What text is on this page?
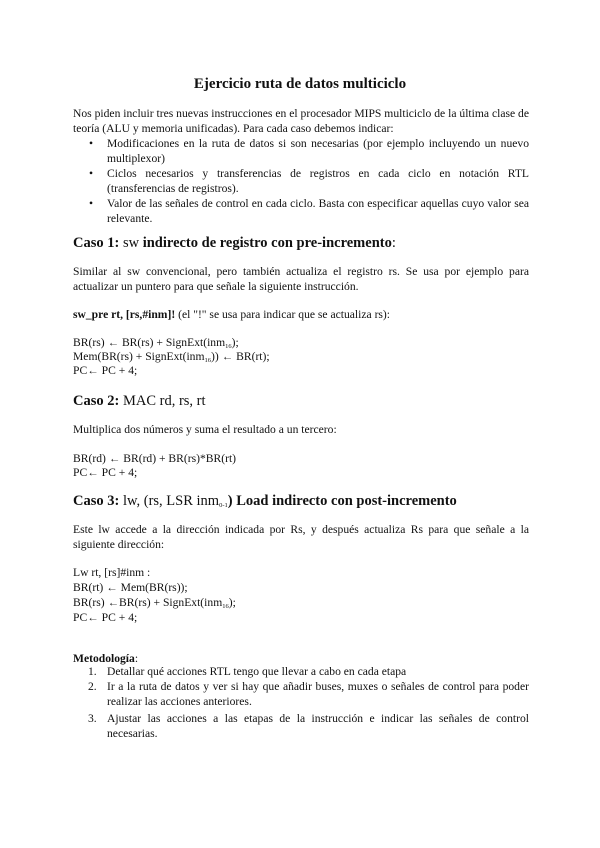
Ejercicio ruta de datos multiciclo

Nos piden incluir tres nuevas instrucciones en el procesador MIPS multiciclo de la última clase de teoría (ALU y memoria unificadas). Para cada caso debemos indicar:

• Modificaciones en la ruta de datos si son necesarias (por ejemplo incluyendo un nuevo multiplexor)
• Ciclos necesarios y transferencias de registros en cada ciclo en notación RTL (transferencias de registros).
• Valor de las señales de control en cada ciclo. Basta con especificar aquellas cuyo valor sea relevante.
Caso 1: sw indirecto de registro con pre-incremento:

Similar al sw convencional, pero también actualiza el registro rs. Se usa por ejemplo para actualizar un puntero para que señale la siguiente instrucción.

sw_pre rt, [rs,#inm]! (el "!" se usa para indicar que se actualiza rs):

BR(rs) ← BR(rs) + SignExt(inm$_{16}$);

Mem(BR(rs) + SignExt(inm$_{16}$)) ← BR(rt);

PC← PC + 4;

Caso 2: MAC rd, rs, rt

Multiplica dos números y suma el resultado a un tercero:

BR(rd) ← BR(rd) + BR(rs)*BR(rt)

PC← PC + 4;

Caso 3: lw, (rs, LSR inm$_{0-1}$) Load indirecto con post-incremento

Este lw accede a la dirección indicada por Rs, y después actualiza Rs para que señale a la siguiente dirección:

Lw rt, [rs]#inm :

BR(rt) ← Mem(BR(rs));

BR(rs) ←BR(rs) + SignExt(inm$_{16}$);

PC← PC + 4;

Metodología:

1. Detallar qué acciones RTL tengo que llevar a cabo en cada etapa
2. Ir a la ruta de datos y ver si hay que añadir buses, muxes o señales de control para poder realizar las acciones anteriores.
3. Ajustar las acciones a las etapas de la instrucción e indicar las señales de control necesarias.
